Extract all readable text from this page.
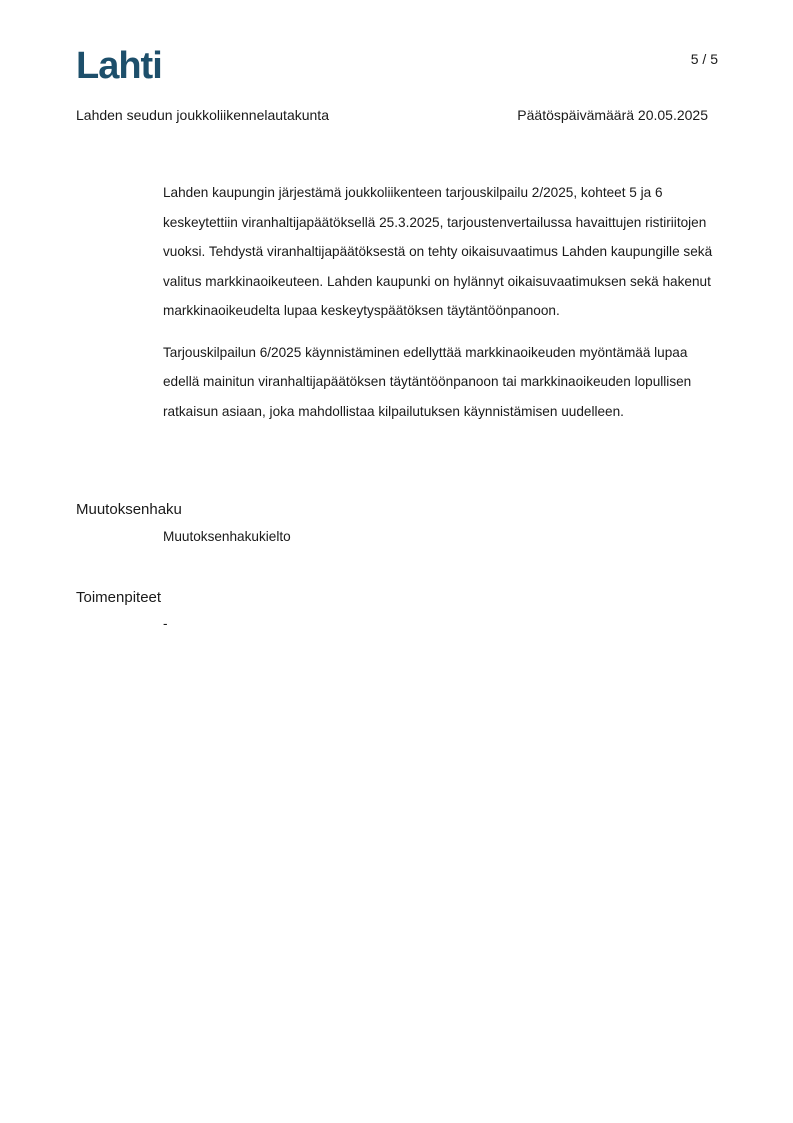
Lahti	5 / 5
Lahden seudun joukkoliikennelautakunta	Päätöspäivämäärä 20.05.2025

Lahden kaupungin järjestämä joukkoliikenteen tarjouskilpailu 2/2025, kohteet 5 ja 6 keskeytettiin viranhaltijapäätöksellä 25.3.2025, tarjoustenvertailussa havaittujen ristiriitojen vuoksi. Tehdystä viranhaltijapäätöksestä on tehty oikaisuvaatimus Lahden kaupungille sekä valitus markkinaoikeuteen. Lahden kaupunki on hylännyt oikaisuvaatimuksen sekä hakenut markkinaoikeudelta lupaa keskeytyspäätöksen täytäntöönpanoon.

Tarjouskilpailun 6/2025 käynnistäminen edellyttää markkinaoikeuden myöntämää lupaa edellä mainitun viranhaltijapäätöksen täytäntöönpanoon tai markkinaoikeuden lopullisen ratkaisun asiaan, joka mahdollistaa kilpailutuksen käynnistämisen uudelleen.

Muutoksenhaku
Muutoksenhakukielto
Toimenpiteet
-
